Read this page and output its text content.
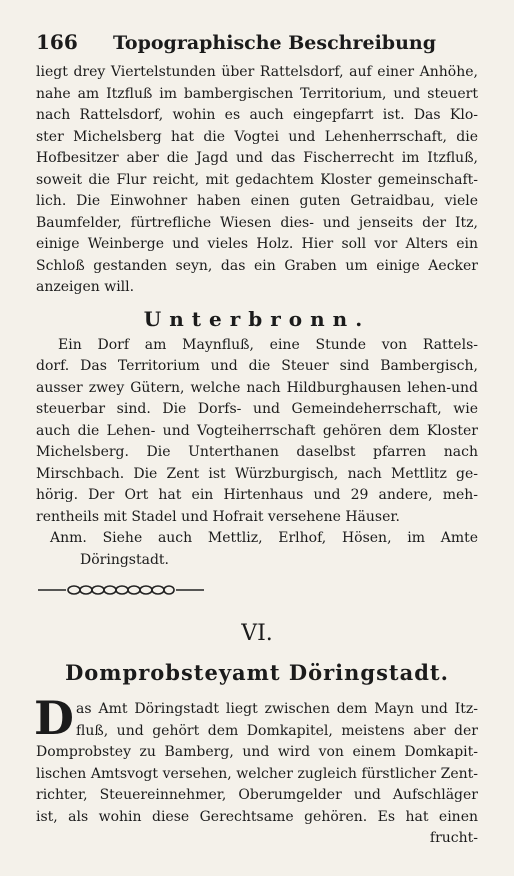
166 Topographische Beschreibung
liegt drey Viertelstunden über Rattelsdorf, auf einer Anhöhe,
nahe am Itzfluß im bambergischen Territorium, und steuert
nach Rattelsdorf, wohin es auch eingepfarrt ist. Das Klo-
ster Michelsberg hat die Vogtei und Lehenherrschaft, die
Hofbesitzer aber die Jagd und das Fischerrecht im Itzfluß,
soweit die Flur reicht, mit gedachtem Kloster gemeinschaft-
lich. Die Einwohner haben einen guten Getraidbau, viele
Baumfelder, fürtrefliche Wiesen dies- und jenseits der Itz,
einige Weinberge und vieles Holz. Hier soll vor Alters ein
Schloß gestanden seyn, das ein Graben um einige Aecker
anzeigen will.
Unterbronn.
Ein Dorf am Maynfluß, eine Stunde von Rattels-
dorf. Das Territorium und die Steuer sind Bambergisch,
ausser zwey Gütern, welche nach Hildburghausen lehen-und
steuerbar sind. Die Dorfs- und Gemeindeherrschaft, wie
auch die Lehen- und Vogteiherrschaft gehören dem Kloster
Michelsberg. Die Unterthanen daselbst pfarren nach
Mirschbach. Die Zent ist Würzburgisch, nach Mettlitz ge-
hörig. Der Ort hat ein Hirtenhaus und 29 andere, meh-
rentheils mit Stadel und Hofrait versehene Häuser.
Anm. Siehe auch Mettliz, Erlhof, Hösen, im Amte
Döringstadt.
VI.
Domprobsteyamt Döringstadt.
D as Amt Döringstadt liegt zwischen dem Mayn und Itz-
fluß, und gehört dem Domkapitel, meistens aber der
Domprobstey zu Bamberg, und wird von einem Domkapit-
lischen Amtsvogt versehen, welcher zugleich fürstlicher Zent-
richter, Steuereinnehmer, Oberumgelder und Aufschläger
ist, als wohin diese Gerechtsame gehören. Es hat einen
frucht-
